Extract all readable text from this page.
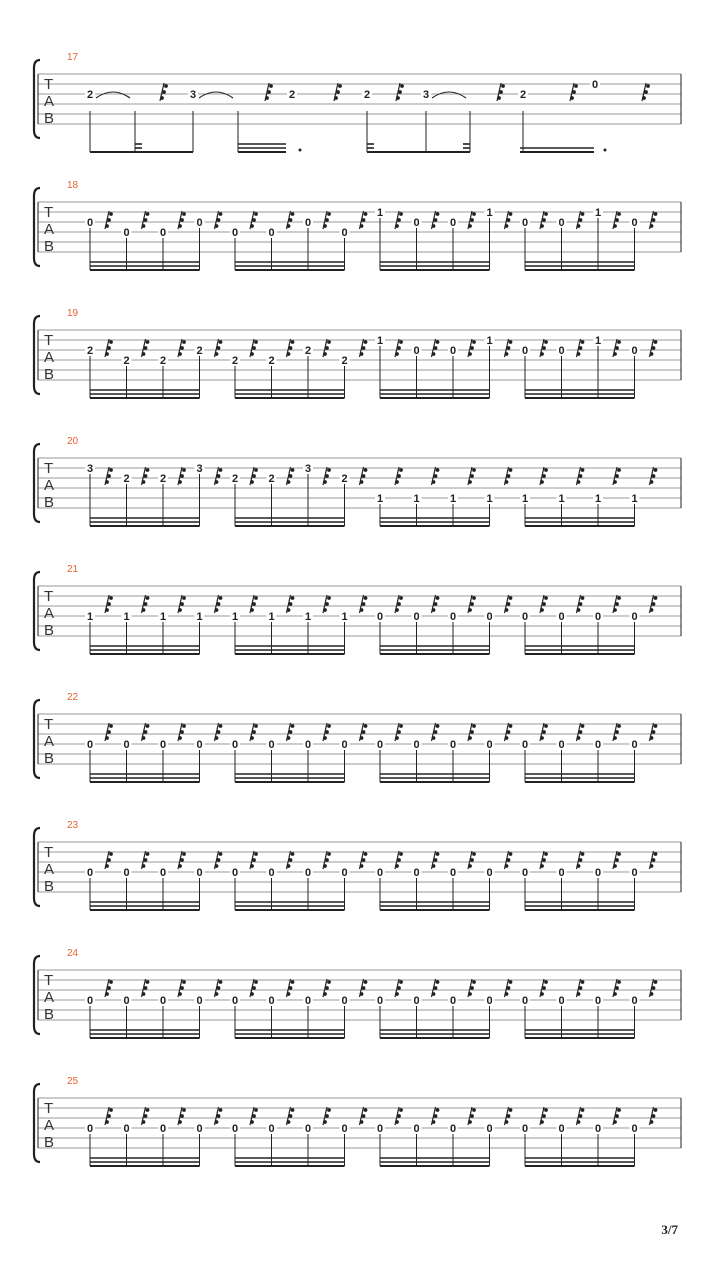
T
A
B
17
2	3	2	2	3	2
0
T
A
B
18
0
0	0
0
0	0
0
0
1
0	0
1
0	0
1
0
T
A
B
19
2
2	2
2
2	2
2
2
1
0	0
1
0	0
1
0
T
A
B
20
3
2	2
3
2	2
3
2
1	1	1	1	1	1	1	1
T
A
B
21
1	1	1	1	1	1	1	1	0	0	0	0	0	0	0	0
T
A
B
22
0	0	0	0	0	0	0	0	0	0	0	0	0	0	0	0
T
A
B
23
0	0	0	0	0	0	0	0	0	0	0	0	0	0	0	0
T
A
B
24
0	0	0	0	0	0	0	0	0	0	0	0	0	0	0	0
T
A
B
25
0	0	0	0	0	0	0	0	0	0	0	0	0	0	0	0
3/7
